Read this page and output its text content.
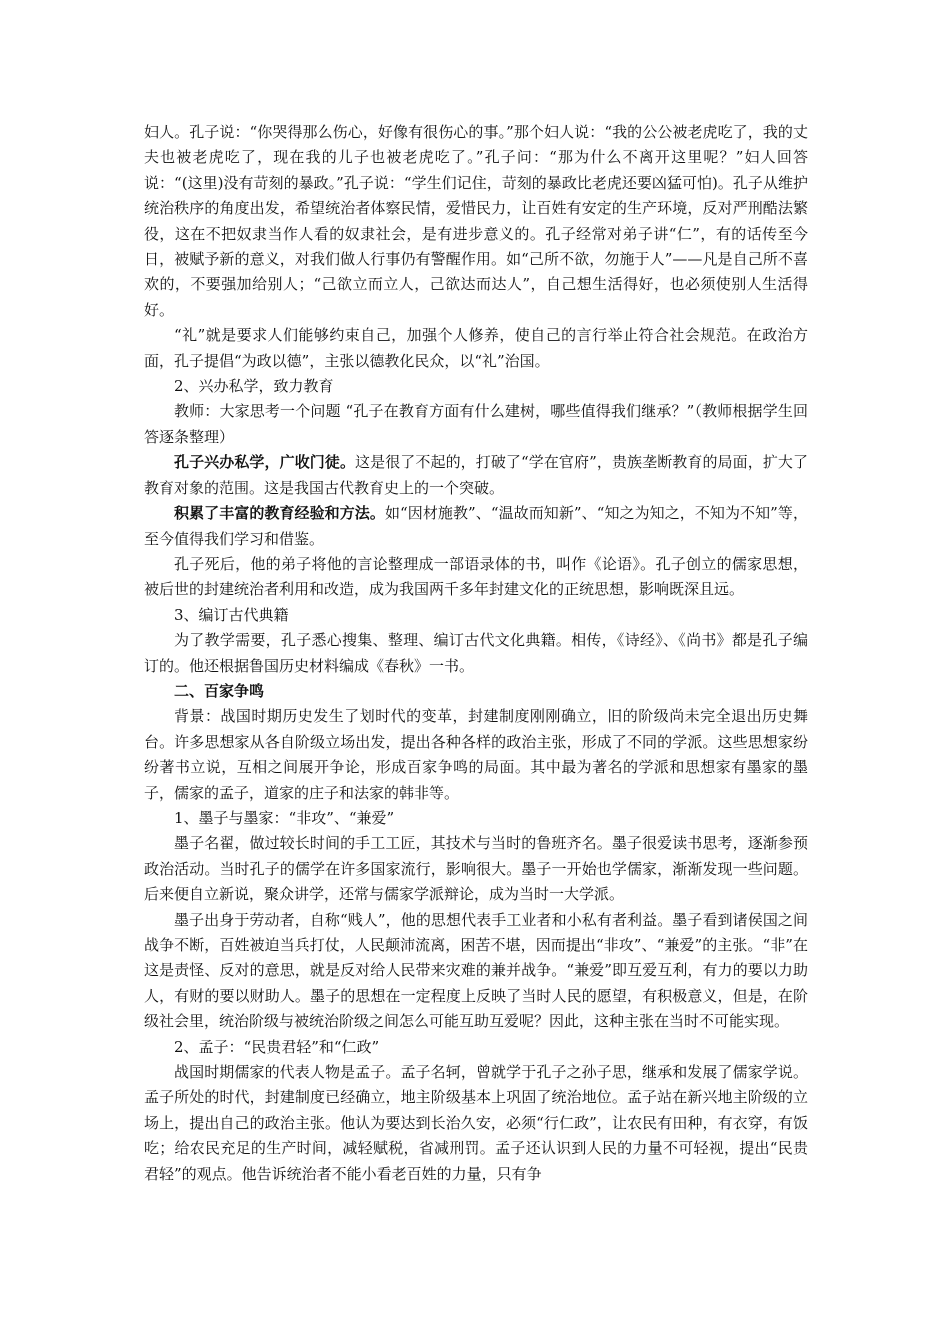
妇人。孔子说：“你哭得那么伤心，好像有很伤心的事。”那个妇人说：“我的公公被老虎吃了，我的丈夫也被老虎吃了，现在我的儿子也被老虎吃了。”孔子问：“那为什么不离开这里呢？”妇人回答说：“(这里)没有苛刻的暴政。”孔子说：“学生们记住，苛刻的暴政比老虎还要凶猛可怕)。孔子从维护统治秩序的角度出发，希望统治者体察民情，爱惜民力，让百姓有安定的生产环境，反对严刑酷法繁役，这在不把奴隶当作人看的奴隶社会，是有进步意义的。孔子经常对弟子讲“仁”，有的话传至今日，被赋予新的意义，对我们做人行事仍有警醒作用。如“己所不欲，勿施于人”——凡是自己所不喜欢的，不要强加给别人；“己欲立而立人，己欲达而达人”，自己想生活得好，也必须使别人生活得好。

“礼”就是要求人们能够约束自己，加强个人修养，使自己的言行举止符合社会规范。在政治方面，孔子提倡“为政以德”，主张以德教化民众，以“礼”治国。

2、兴办私学，致力教育

教师：大家思考一个问题 “孔子在教育方面有什么建树，哪些值得我们继承？”（教师根据学生回答逐条整理）

孔子兴办私学，广收门徒。这是很了不起的，打破了“学在官府”，贵族垄断教育的局面，扩大了教育对象的范围。这是我国古代教育史上的一个突破。

积累了丰富的教育经验和方法。如“因材施教”、“温故而知新”、“知之为知之，不知为不知”等，至今值得我们学习和借鉴。

孔子死后，他的弟子将他的言论整理成一部语录体的书，叫作《论语》。孔子创立的儒家思想，被后世的封建统治者利用和改造，成为我国两千多年封建文化的正统思想，影响既深且远。

3、编订古代典籍

为了教学需要，孔子悉心搜集、整理、编订古代文化典籍。相传，《诗经》、《尚书》都是孔子编订的。他还根据鲁国历史材料编成《春秋》一书。

二、百家争鸣

背景：战国时期历史发生了划时代的变革，封建制度刚刚确立，旧的阶级尚未完全退出历史舞台。许多思想家从各自阶级立场出发，提出各种各样的政治主张，形成了不同的学派。这些思想家纷纷著书立说，互相之间展开争论，形成百家争鸣的局面。其中最为著名的学派和思想家有墨家的墨子，儒家的孟子，道家的庄子和法家的韩非等。

1、墨子与墨家：“非攻”、“兼爱”

墨子名翟，做过较长时间的手工工匠，其技术与当时的鲁班齐名。墨子很爱读书思考，逐渐参预政治活动。当时孔子的儒学在许多国家流行，影响很大。墨子一开始也学儒家，渐渐发现一些问题。后来便自立新说，聚众讲学，还常与儒家学派辩论，成为当时一大学派。

墨子出身于劳动者，自称“贱人”，他的思想代表手工业者和小私有者利益。墨子看到诸侯国之间战争不断，百姓被迫当兵打仗，人民颠沛流离，困苦不堪，因而提出“非攻”、“兼爱”的主张。“非”在这是责怪、反对的意思，就是反对给人民带来灾难的兼并战争。“兼爱”即互爱互利，有力的要以力助人，有财的要以财助人。墨子的思想在一定程度上反映了当时人民的愿望，有积极意义，但是，在阶级社会里，统治阶级与被统治阶级之间怎么可能互助互爱呢？因此，这种主张在当时不可能实现。

2、孟子：“民贵君轻”和“仁政”

战国时期儒家的代表人物是孟子。孟子名轲，曾就学于孔子之孙子思，继承和发展了儒家学说。孟子所处的时代，封建制度已经确立，地主阶级基本上巩固了统治地位。孟子站在新兴地主阶级的立场上，提出自己的政治主张。他认为要达到长治久安，必须“行仁政”，让农民有田种，有衣穿，有饭吃；给农民充足的生产时间，减轻赋税，省减刑罚。孟子还认识到人民的力量不可轻视，提出“民贵君轻”的观点。他告诉统治者不能小看老百姓的力量，只有争
